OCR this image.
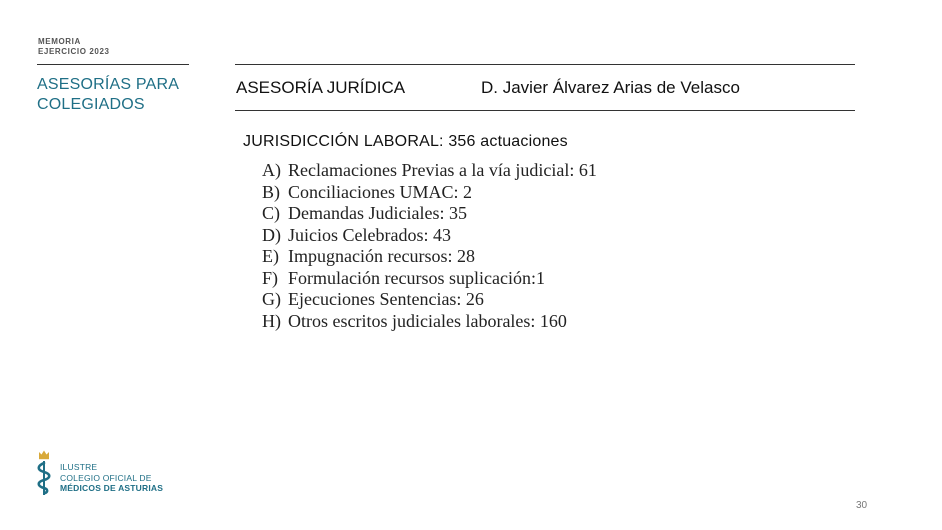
MEMORIA
EJERCICIO 2023
ASESORÍAS PARA
COLEGIADOS
ASESORÍA JURÍDICA	D. Javier Álvarez Arias de Velasco
JURISDICCIÓN LABORAL: 356 actuaciones
A) Reclamaciones Previas a la vía judicial: 61
B) Conciliaciones UMAC: 2
C) Demandas Judiciales: 35
D) Juicios Celebrados: 43
E) Impugnación recursos: 28
F) Formulación recursos suplicación:1
G) Ejecuciones Sentencias: 26
H) Otros escritos judiciales laborales: 160
ILUSTRE
COLEGIO OFICIAL DE
MÉDICOS DE ASTURIAS
30
